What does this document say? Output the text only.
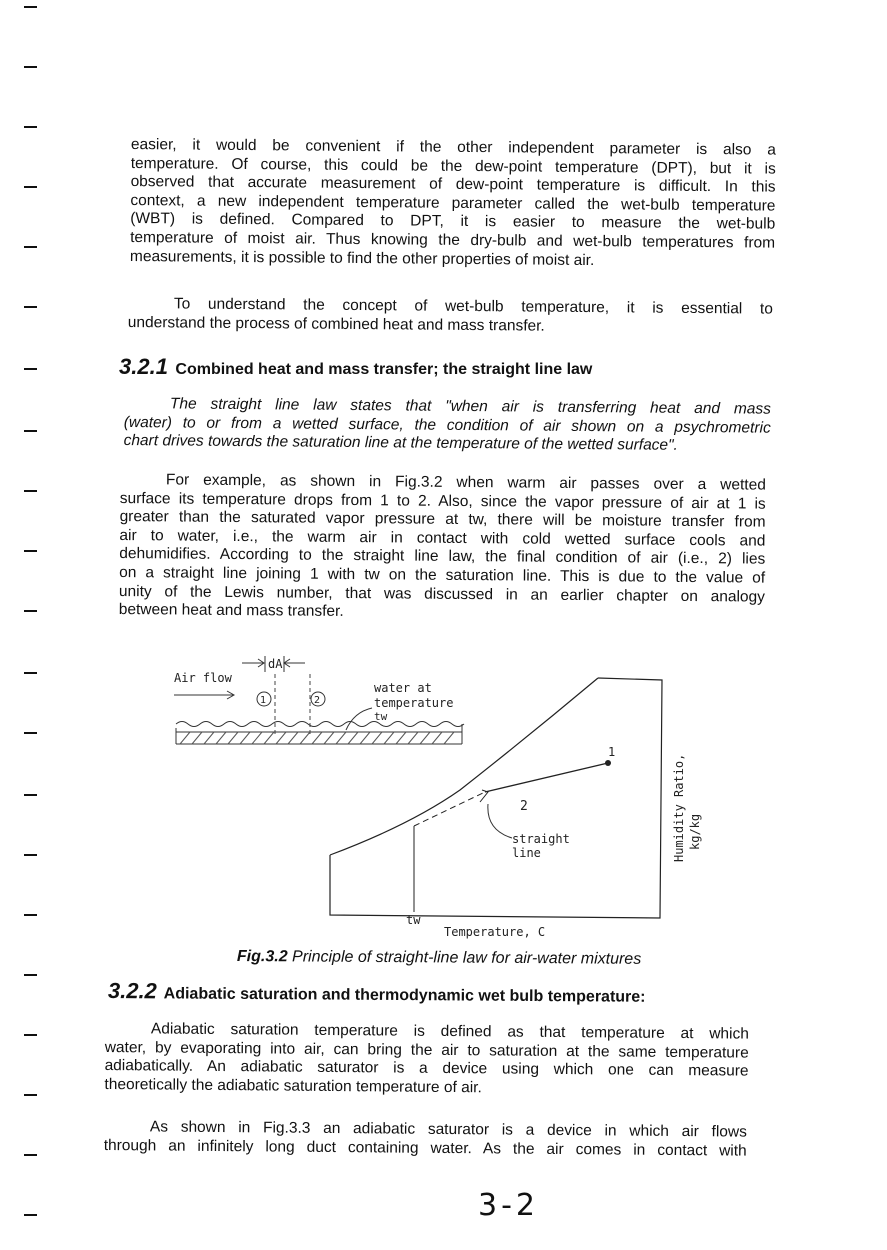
easier, it would be convenient if the other independent parameter is also a
temperature. Of course, this could be the dew-point temperature (DPT), but it is
observed that accurate measurement of dew-point temperature is difficult. In this
context, a new independent temperature parameter called the wet-bulb temperature
(WBT) is defined. Compared to DPT, it is easier to measure the wet-bulb
temperature of moist air. Thus knowing the dry-bulb and wet-bulb temperatures from
measurements, it is possible to find the other properties of moist air.
To understand the concept of wet-bulb temperature, it is essential to
understand the process of combined heat and mass transfer.
3.2.1 Combined heat and mass transfer; the straight line law
The straight line law states that "when air is transferring heat and mass
(water) to or from a wetted surface, the condition of air shown on a psychrometric
chart drives towards the saturation line at the temperature of the wetted surface".
For example, as shown in Fig.3.2 when warm air passes over a wetted
surface its temperature drops from 1 to 2. Also, since the vapor pressure of air at 1 is
greater than the saturated vapor pressure at tw, there will be moisture transfer from
air to water, i.e., the warm air in contact with cold wetted surface cools and
dehumidifies. According to the straight line law, the final condition of air (i.e., 2) lies
on a straight line joining 1 with tw on the saturation line. This is due to the value of
unity of the Lewis number, that was discussed in an earlier chapter on analogy
between heat and mass transfer.
dA
Air flow
1	2
water at
temperature
tw
1
2
straight
line
tw
Temperature, C
Humidity Ratio, kg/kg
Fig.3.2 Principle of straight-line law for air-water mixtures
3.2.2 Adiabatic saturation and thermodynamic wet bulb temperature:
Adiabatic saturation temperature is defined as that temperature at which
water, by evaporating into air, can bring the air to saturation at the same temperature
adiabatically. An adiabatic saturator is a device using which one can measure
theoretically the adiabatic saturation temperature of air.
As shown in Fig.3.3 an adiabatic saturator is a device in which air flows
through an infinitely long duct containing water. As the air comes in contact with
3-2
